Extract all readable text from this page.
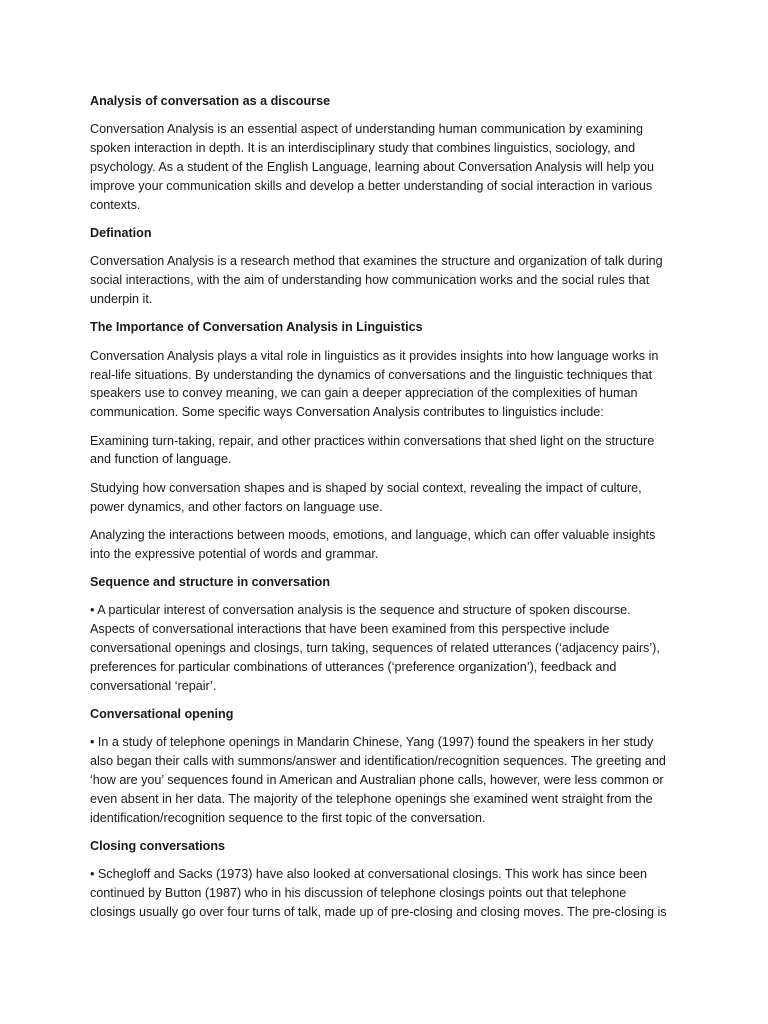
Analysis of conversation as a discourse
Conversation Analysis is an essential aspect of understanding human communication by examining
spoken interaction in depth. It is an interdisciplinary study that combines linguistics, sociology, and
psychology. As a student of the English Language, learning about Conversation Analysis will help you
improve your communication skills and develop a better understanding of social interaction in various
contexts.
Defination
Conversation Analysis is a research method that examines the structure and organization of talk during
social interactions, with the aim of understanding how communication works and the social rules that
underpin it.
The Importance of Conversation Analysis in Linguistics
Conversation Analysis plays a vital role in linguistics as it provides insights into how language works in
real-life situations. By understanding the dynamics of conversations and the linguistic techniques that
speakers use to convey meaning, we can gain a deeper appreciation of the complexities of human
communication. Some specific ways Conversation Analysis contributes to linguistics include:
Examining turn-taking, repair, and other practices within conversations that shed light on the structure
and function of language.
Studying how conversation shapes and is shaped by social context, revealing the impact of culture,
power dynamics, and other factors on language use.
Analyzing the interactions between moods, emotions, and language, which can offer valuable insights
into the expressive potential of words and grammar.
Sequence and structure in conversation
• A particular interest of conversation analysis is the sequence and structure of spoken discourse.
Aspects of conversational interactions that have been examined from this perspective include
conversational openings and closings, turn taking, sequences of related utterances (‘adjacency pairs’),
preferences for particular combinations of utterances (‘preference organization’), feedback and
conversational ‘repair’.
Conversational opening
• In a study of telephone openings in Mandarin Chinese, Yang (1997) found the speakers in her study
also began their calls with summons/answer and identification/recognition sequences. The greeting and
‘how are you’ sequences found in American and Australian phone calls, however, were less common or
even absent in her data. The majority of the telephone openings she examined went straight from the
identification/recognition sequence to the first topic of the conversation.
Closing conversations
• Schegloff and Sacks (1973) have also looked at conversational closings. This work has since been
continued by Button (1987) who in his discussion of telephone closings points out that telephone
closings usually go over four turns of talk, made up of pre-closing and closing moves. The pre-closing is
